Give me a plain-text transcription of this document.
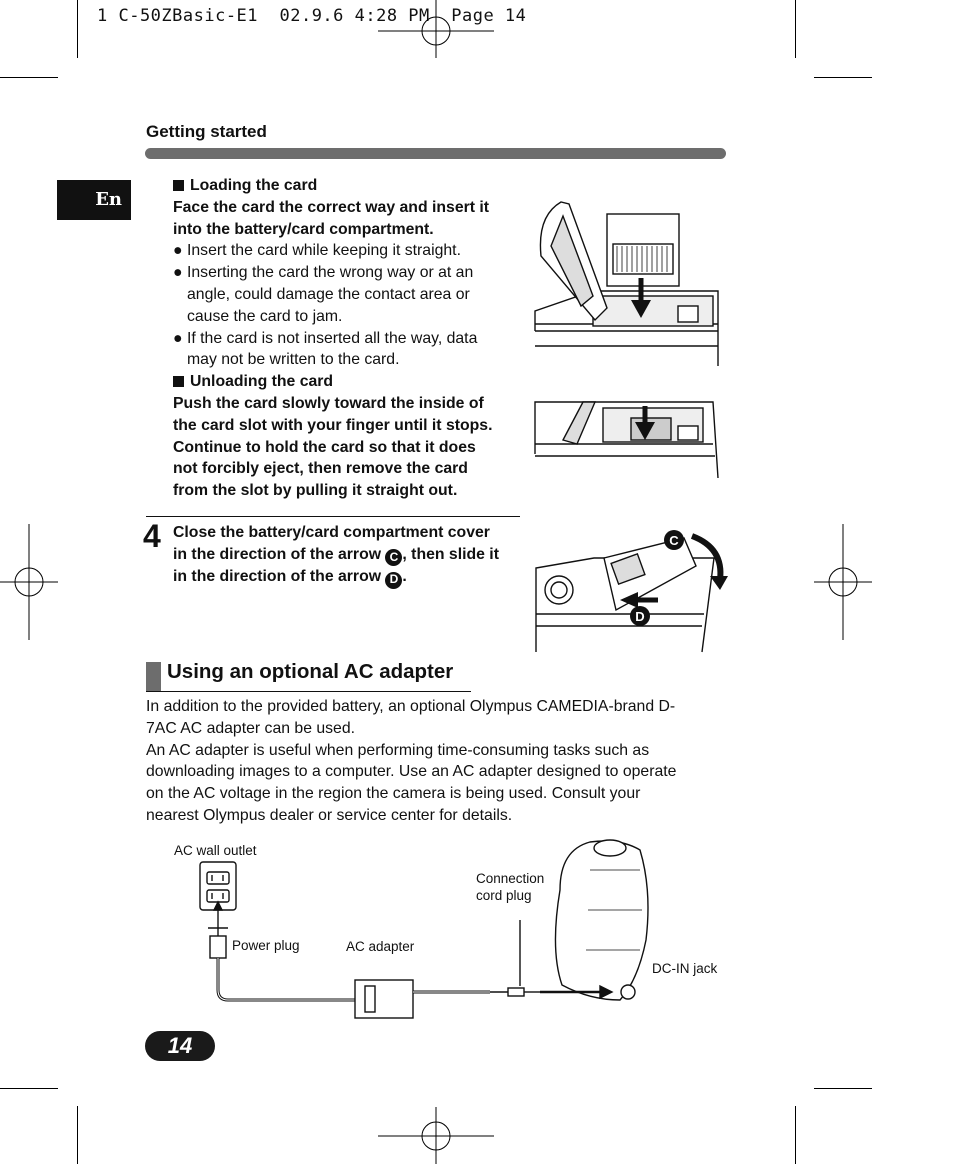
1 C-50ZBasic-E1  02.9.6 4:28 PM  Page 14
Getting started
En
Loading the card
Face the card the correct way and insert it
into the battery/card compartment.
● Insert the card while keeping it straight.
● Inserting the card the wrong way or at an
angle, could damage the contact area or
cause the card to jam.
● If the card is not inserted all the way, data
may not be written to the card.
Unloading the card
Push the card slowly toward the inside of
the card slot with your finger until it stops.
Continue to hold the card so that it does
not forcibly eject, then remove the card
from the slot by pulling it straight out.
4 Close the battery/card compartment cover
in the direction of the arrow C , then slide it
in the direction of the arrow D .
C
D
Using an optional AC adapter
In addition to the provided battery, an optional Olympus CAMEDIA-brand D-
7AC AC adapter can be used.
An AC adapter is useful when performing time-consuming tasks such as
downloading images to a computer. Use an AC adapter designed to operate
on the AC voltage in the region the camera is being used. Consult your
nearest Olympus dealer or service center for details.
AC wall outlet
Power plug	AC adapter
Connection
cord plug
DC-IN jack
14
